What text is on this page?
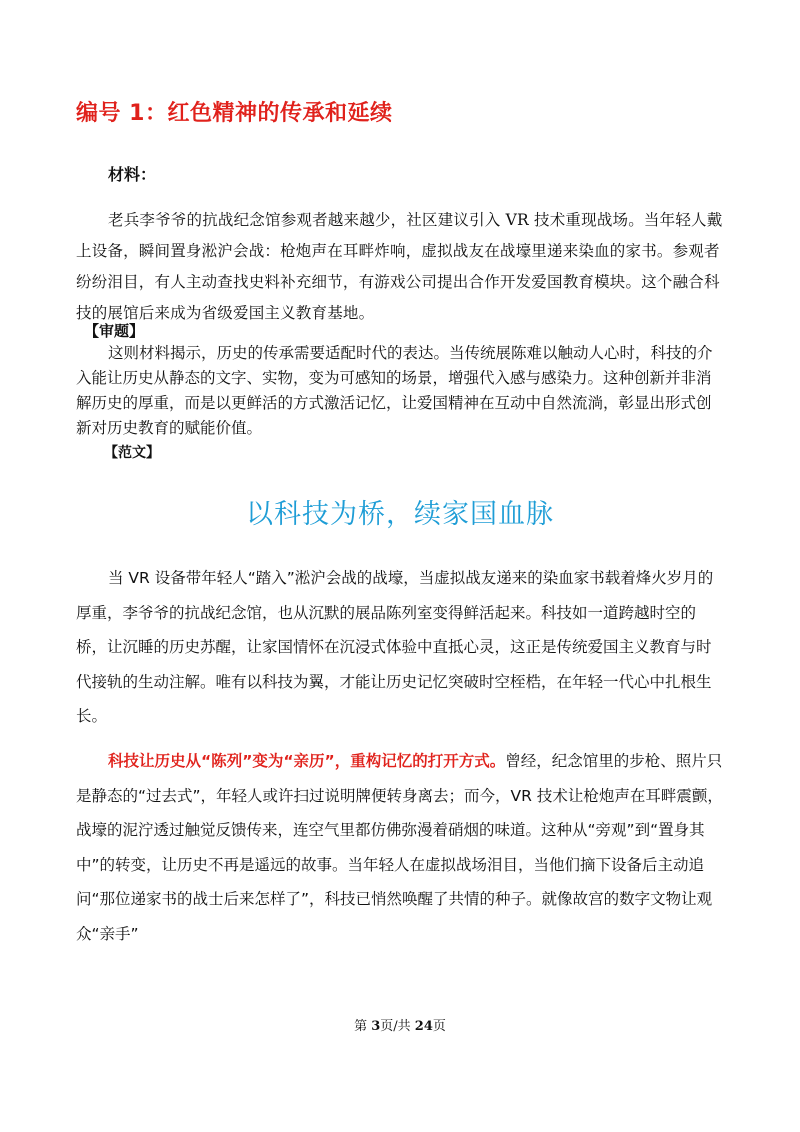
编号 1：红色精神的传承和延续
材料：

老兵李爷爷的抗战纪念馆参观者越来越少，社区建议引入 VR 技术重现战场。当年轻人戴上设备，瞬间置身淞沪会战：枪炮声在耳畔炸响，虚拟战友在战壕里递来染血的家书。参观者纷纷泪目，有人主动查找史料补充细节，有游戏公司提出合作开发爱国教育模块。这个融合科技的展馆后来成为省级爱国主义教育基地。

【审题】

这则材料揭示，历史的传承需要适配时代的表达。当传统展陈难以触动人心时，科技的介入能让历史从静态的文字、实物，变为可感知的场景，增强代入感与感染力。这种创新并非消解历史的厚重，而是以更鲜活的方式激活记忆，让爱国精神在互动中自然流淌，彰显出形式创新对历史教育的赋能价值。

【范文】
以科技为桥，续家国血脉

当 VR 设备带年轻人“踏入”淞沪会战的战壕，当虚拟战友递来的染血家书载着烽火岁月的厚重，李爷爷的抗战纪念馆，也从沉默的展品陈列室变得鲜活起来。科技如一道跨越时空的桥，让沉睡的历史苏醒，让家国情怀在沉浸式体验中直抵心灵，这正是传统爱国主义教育与时代接轨的生动注解。唯有以科技为翼，才能让历史记忆突破时空桎梏，在年轻一代心中扎根生长。

科技让历史从“陈列”变为“亲历”，重构记忆的打开方式。曾经，纪念馆里的步枪、照片只是静态的“过去式”，年轻人或许扫过说明牌便转身离去；而今，VR 技术让枪炮声在耳畔震颤，战壕的泥泞透过触觉反馈传来，连空气里都仿佛弥漫着硝烟的味道。这种从“旁观”到“置身其中”的转变，让历史不再是遥远的故事。当年轻人在虚拟战场泪目，当他们摘下设备后主动追问“那位递家书的战士后来怎样了”，科技已悄然唤醒了共情的种子。就像故宫的数字文物让观众“亲手”

第 3页/共 24页
